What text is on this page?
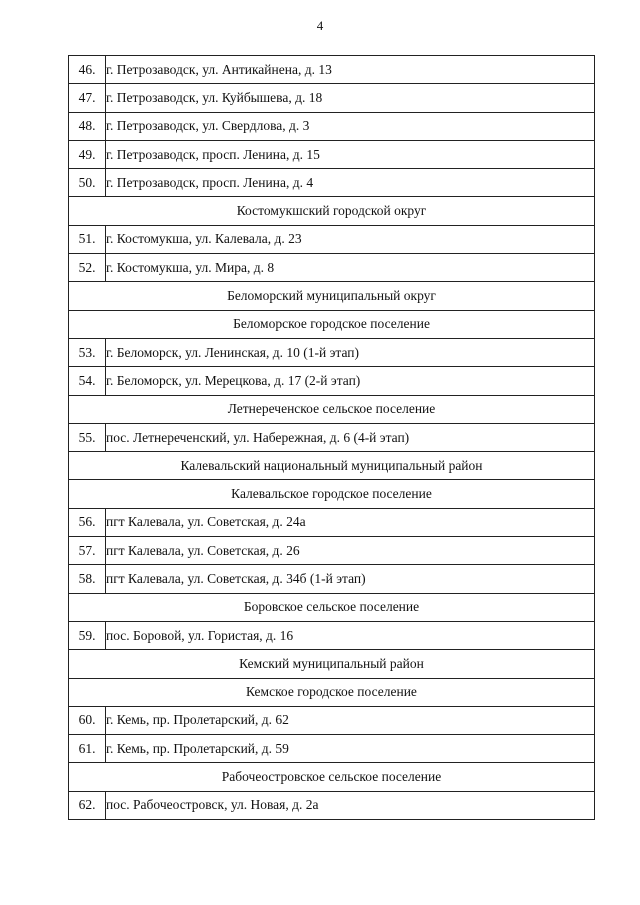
4
46.	г. Петрозаводск, ул. Антикайнена, д. 13
47.	г. Петрозаводск, ул. Куйбышева, д. 18
48.	г. Петрозаводск, ул. Свердлова, д. 3
49.	г. Петрозаводск, просп. Ленина, д. 15
50.	г. Петрозаводск, просп. Ленина, д. 4
Костомукшский городской округ	
51.	г. Костомукша, ул. Калевала, д. 23
52.	г. Костомукша, ул. Мира, д. 8
Беломорский муниципальный округ	
Беломорское городское поселение	
53.	г. Беломорск, ул. Ленинская, д. 10 (1-й этап)
54.	г. Беломорск, ул. Мерецкова, д. 17 (2-й этап)
Летнереченское сельское поселение	
55.	пос. Летнереченский, ул. Набережная, д. 6 (4-й этап)
Калевальский национальный муниципальный район	
Калевальское городское поселение	
56.	пгт Калевала, ул. Советская, д. 24а
57.	пгт Калевала, ул. Советская, д. 26
58.	пгт Калевала, ул. Советская, д. 34б (1-й этап)
Боровское сельское поселение	
59.	пос. Боровой, ул. Гористая, д. 16
Кемский муниципальный район	
Кемское городское поселение	
60.	г. Кемь, пр. Пролетарский, д. 62
61.	г. Кемь, пр. Пролетарский, д. 59
Рабочеостровское сельское поселение	
62.	пос. Рабочеостровск, ул. Новая, д. 2а
